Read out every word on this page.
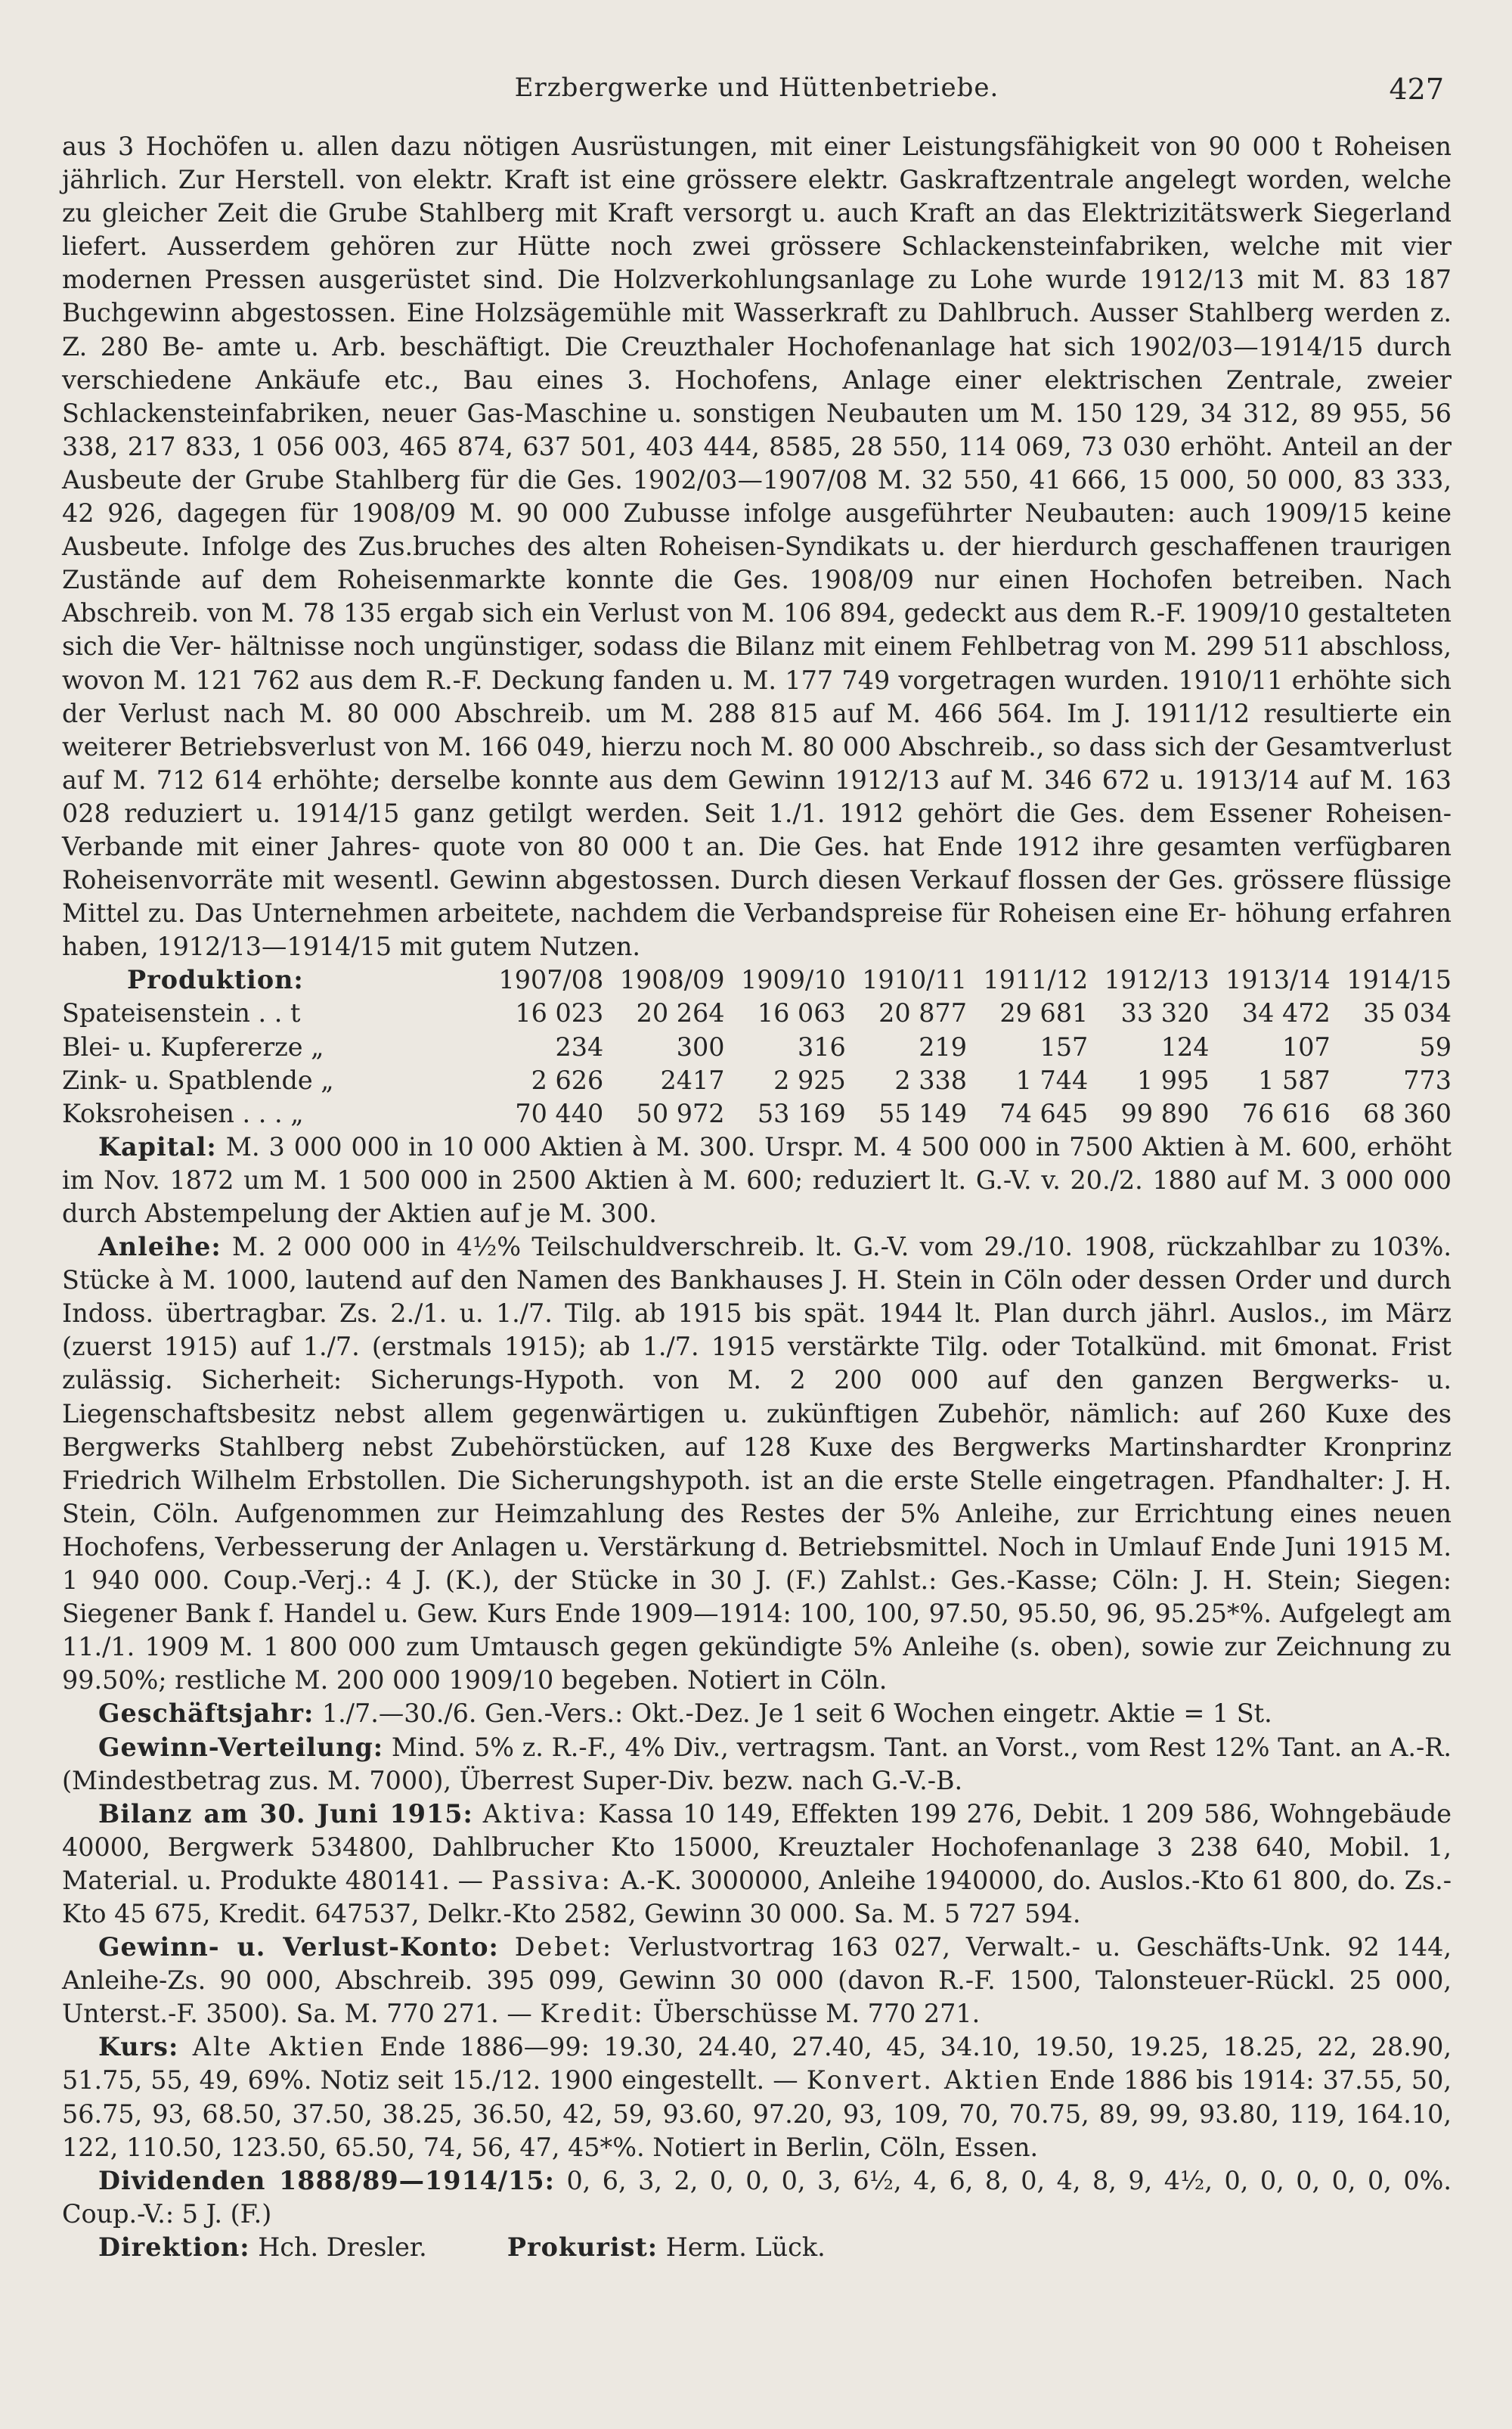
Erzbergwerke und Hüttenbetriebe.	427

aus 3 Hochöfen u. allen dazu nötigen Ausrüstungen, mit einer Leistungsfähigkeit von 90 000 t Roheisen jährlich. Zur Herstell. von elektr. Kraft ist eine grössere elektr. Gaskraftzentrale angelegt worden, welche zu gleicher Zeit die Grube Stahlberg mit Kraft versorgt u. auch Kraft an das Elektrizitätswerk Siegerland liefert. Ausserdem gehören zur Hütte noch zwei grössere Schlackensteinfabriken, welche mit vier modernen Pressen ausgerüstet sind. Die Holzverkohlungsanlage zu Lohe wurde 1912/13 mit M. 83 187 Buchgewinn abgestossen. Eine Holzsägemühle mit Wasserkraft zu Dahlbruch. Ausser Stahlberg werden z. Z. 280 Be- amte u. Arb. beschäftigt. Die Creuzthaler Hochofenanlage hat sich 1902/03—1914/15 durch verschiedene Ankäufe etc., Bau eines 3. Hochofens, Anlage einer elektrischen Zentrale, zweier Schlackensteinfabriken, neuer Gas-Maschine u. sonstigen Neubauten um M. 150 129, 34 312, 89 955, 56 338, 217 833, 1 056 003, 465 874, 637 501, 403 444, 8585, 28 550, 114 069, 73 030 erhöht. Anteil an der Ausbeute der Grube Stahlberg für die Ges. 1902/03—1907/08 M. 32 550, 41 666, 15 000, 50 000, 83 333, 42 926, dagegen für 1908/09 M. 90 000 Zubusse infolge ausgeführter Neubauten: auch 1909/15 keine Ausbeute. Infolge des Zus.bruches des alten Roheisen-Syndikats u. der hierdurch geschaffenen traurigen Zustände auf dem Roheisenmarkte konnte die Ges. 1908/09 nur einen Hochofen betreiben. Nach Abschreib. von M. 78 135 ergab sich ein Verlust von M. 106 894, gedeckt aus dem R.-F. 1909/10 gestalteten sich die Ver- hältnisse noch ungünstiger, sodass die Bilanz mit einem Fehlbetrag von M. 299 511 abschloss, wovon M. 121 762 aus dem R.-F. Deckung fanden u. M. 177 749 vorgetragen wurden. 1910/11 erhöhte sich der Verlust nach M. 80 000 Abschreib. um M. 288 815 auf M. 466 564. Im J. 1911/12 resultierte ein weiterer Betriebsverlust von M. 166 049, hierzu noch M. 80 000 Abschreib., so dass sich der Gesamtverlust auf M. 712 614 erhöhte; derselbe konnte aus dem Gewinn 1912/13 auf M. 346 672 u. 1913/14 auf M. 163 028 reduziert u. 1914/15 ganz getilgt werden. Seit 1./1. 1912 gehört die Ges. dem Essener Roheisen-Verbande mit einer Jahres- quote von 80 000 t an. Die Ges. hat Ende 1912 ihre gesamten verfügbaren Roheisenvorräte mit wesentl. Gewinn abgestossen. Durch diesen Verkauf flossen der Ges. grössere flüssige Mittel zu. Das Unternehmen arbeitete, nachdem die Verbandspreise für Roheisen eine Er- höhung erfahren haben, 1912/13—1914/15 mit gutem Nutzen.

Produktion:	1907/08	1908/09	1909/10	1910/11	1911/12	1912/13	1913/14	1914/15
Spateisenstein . . t	16 023	20 264	16 063	20 877	29 681	33 320	34 472	35 034
Blei- u. Kupfererze „	234	300	316	219	157	124	107	59
Zink- u. Spatblende „	2 626	2417	2 925	2 338	1 744	1 995	1 587	773
Koksroheisen . . . „	70 440	50 972	53 169	55 149	74 645	99 890	76 616	68 360

Kapital: M. 3 000 000 in 10 000 Aktien à M. 300. Urspr. M. 4 500 000 in 7500 Aktien à M. 600, erhöht im Nov. 1872 um M. 1 500 000 in 2500 Aktien à M. 600; reduziert lt. G.-V. v. 20./2. 1880 auf M. 3 000 000 durch Abstempelung der Aktien auf je M. 300.

Anleihe: M. 2 000 000 in 4½% Teilschuldverschreib. lt. G.-V. vom 29./10. 1908, rückzahlbar zu 103%. Stücke à M. 1000, lautend auf den Namen des Bankhauses J. H. Stein in Cöln oder dessen Order und durch Indoss. übertragbar. Zs. 2./1. u. 1./7. Tilg. ab 1915 bis spät. 1944 lt. Plan durch jährl. Auslos., im März (zuerst 1915) auf 1./7. (erstmals 1915); ab 1./7. 1915 verstärkte Tilg. oder Totalkünd. mit 6monat. Frist zulässig. Sicherheit: Sicherungs-Hypoth. von M. 2 200 000 auf den ganzen Bergwerks- u. Liegenschaftsbesitz nebst allem gegenwärtigen u. zukünftigen Zubehör, nämlich: auf 260 Kuxe des Bergwerks Stahlberg nebst Zubehörstücken, auf 128 Kuxe des Bergwerks Martinshardter Kronprinz Friedrich Wilhelm Erbstollen. Die Sicherungshypoth. ist an die erste Stelle eingetragen. Pfandhalter: J. H. Stein, Cöln. Aufgenommen zur Heimzahlung des Restes der 5% Anleihe, zur Errichtung eines neuen Hochofens, Verbesserung der Anlagen u. Verstärkung d. Betriebsmittel. Noch in Umlauf Ende Juni 1915 M. 1 940 000. Coup.-Verj.: 4 J. (K.), der Stücke in 30 J. (F.) Zahlst.: Ges.-Kasse; Cöln: J. H. Stein; Siegen: Siegener Bank f. Handel u. Gew. Kurs Ende 1909—1914: 100, 100, 97.50, 95.50, 96, 95.25*%. Aufgelegt am 11./1. 1909 M. 1 800 000 zum Umtausch gegen gekündigte 5% Anleihe (s. oben), sowie zur Zeichnung zu 99.50%; restliche M. 200 000 1909/10 begeben. Notiert in Cöln.

Geschäftsjahr: 1./7.—30./6. Gen.-Vers.: Okt.-Dez. Je 1 seit 6 Wochen eingetr. Aktie = 1 St.

Gewinn-Verteilung: Mind. 5% z. R.-F., 4% Div., vertragsm. Tant. an Vorst., vom Rest 12% Tant. an A.-R. (Mindestbetrag zus. M. 7000), Überrest Super-Div. bezw. nach G.-V.-B.

Bilanz am 30. Juni 1915: Aktiva: Kassa 10 149, Effekten 199 276, Debit. 1 209 586, Wohngebäude 40000, Bergwerk 534800, Dahlbrucher Kto 15000, Kreuztaler Hochofenanlage 3 238 640, Mobil. 1, Material. u. Produkte 480141. — Passiva: A.-K. 3000000, Anleihe 1940000, do. Auslos.-Kto 61 800, do. Zs.-Kto 45 675, Kredit. 647537, Delkr.-Kto 2582, Gewinn 30 000. Sa. M. 5 727 594.

Gewinn- u. Verlust-Konto: Debet: Verlustvortrag 163 027, Verwalt.- u. Geschäfts-Unk. 92 144, Anleihe-Zs. 90 000, Abschreib. 395 099, Gewinn 30 000 (davon R.-F. 1500, Talonsteuer-Rückl. 25 000, Unterst.-F. 3500). Sa. M. 770 271. — Kredit: Überschüsse M. 770 271.

Kurs: Alte Aktien Ende 1886—99: 19.30, 24.40, 27.40, 45, 34.10, 19.50, 19.25, 18.25, 22, 28.90, 51.75, 55, 49, 69%. Notiz seit 15./12. 1900 eingestellt. — Konvert. Aktien Ende 1886 bis 1914: 37.55, 50, 56.75, 93, 68.50, 37.50, 38.25, 36.50, 42, 59, 93.60, 97.20, 93, 109, 70, 70.75, 89, 99, 93.80, 119, 164.10, 122, 110.50, 123.50, 65.50, 74, 56, 47, 45*%. Notiert in Berlin, Cöln, Essen.

Dividenden 1888/89—1914/15: 0, 6, 3, 2, 0, 0, 0, 3, 6½, 4, 6, 8, 0, 4, 8, 9, 4½, 0, 0, 0, 0, 0, 0%. Coup.-V.: 5 J. (F.)

Direktion: Hch. Dresler.	Prokurist: Herm. Lück.
